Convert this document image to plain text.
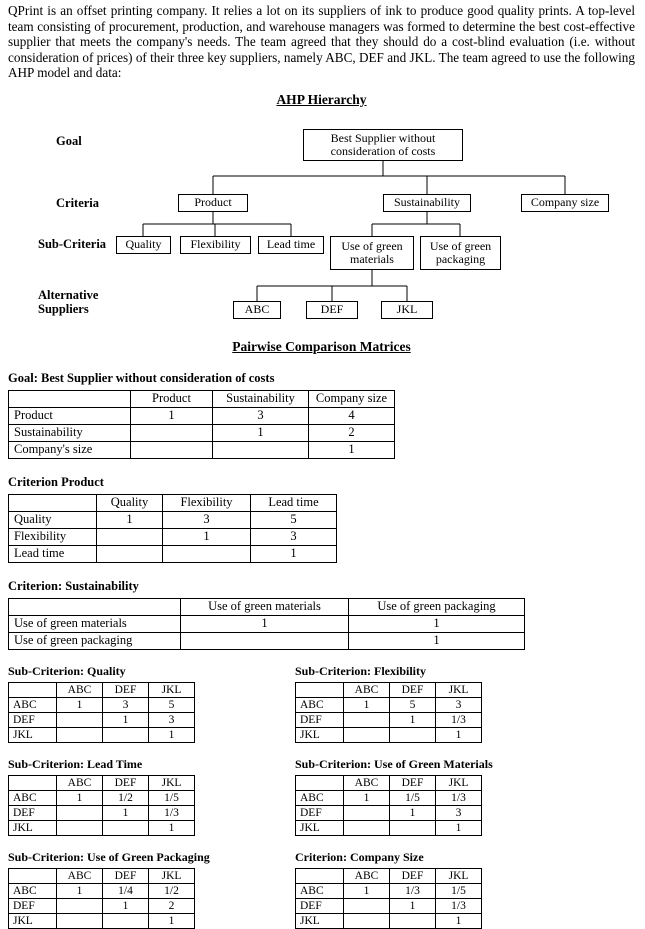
QPrint is an offset printing company. It relies a lot on its suppliers of ink to produce good quality prints. A top-level team consisting of procurement, production, and warehouse managers was formed to determine the best cost-effective supplier that meets the company's needs. The team agreed that they should do a cost-blind evaluation (i.e. without consideration of prices) of their three key suppliers, namely ABC, DEF and JKL. The team agreed to use the following AHP model and data:

AHP Hierarchy
Goal
Criteria
Sub-Criteria
Alternative Suppliers
Best Supplier without consideration of costs
Product	Sustainability	Company size
Quality	Flexibility	Lead time	Use of green materials
Use of green packaging
ABC	DEF	JKL
Pairwise Comparison Matrices
Goal: Best Supplier without consideration of costs
	Product	Sustainability	Company size
Product	1	3	4
Sustainability		1	2
Company's size			1
Criterion Product
	Quality	Flexibility	Lead time
Quality	1	3	5
Flexibility		1	3
Lead time			1
Criterion: Sustainability
	Use of green materials	Use of green packaging
Use of green materials	1	1
Use of green packaging		1
Sub-Criterion: Quality
	ABC	DEF	JKL
ABC	1	3	5
DEF		1	3
JKL			1
Sub-Criterion: Flexibility
	ABC	DEF	JKL
ABC	1	5	3
DEF		1	1/3
JKL			1
Sub-Criterion: Lead Time
	ABC	DEF	JKL
ABC	1	1/2	1/5
DEF		1	1/3
JKL			1
Sub-Criterion: Use of Green Materials
	ABC	DEF	JKL
ABC	1	1/5	1/3
DEF		1	3
JKL			1
Sub-Criterion: Use of Green Packaging
	ABC	DEF	JKL
ABC	1	1/4	1/2
DEF		1	2
JKL			1
Criterion: Company Size
	ABC	DEF	JKL
ABC	1	1/3	1/5
DEF		1	1/3
JKL			1
